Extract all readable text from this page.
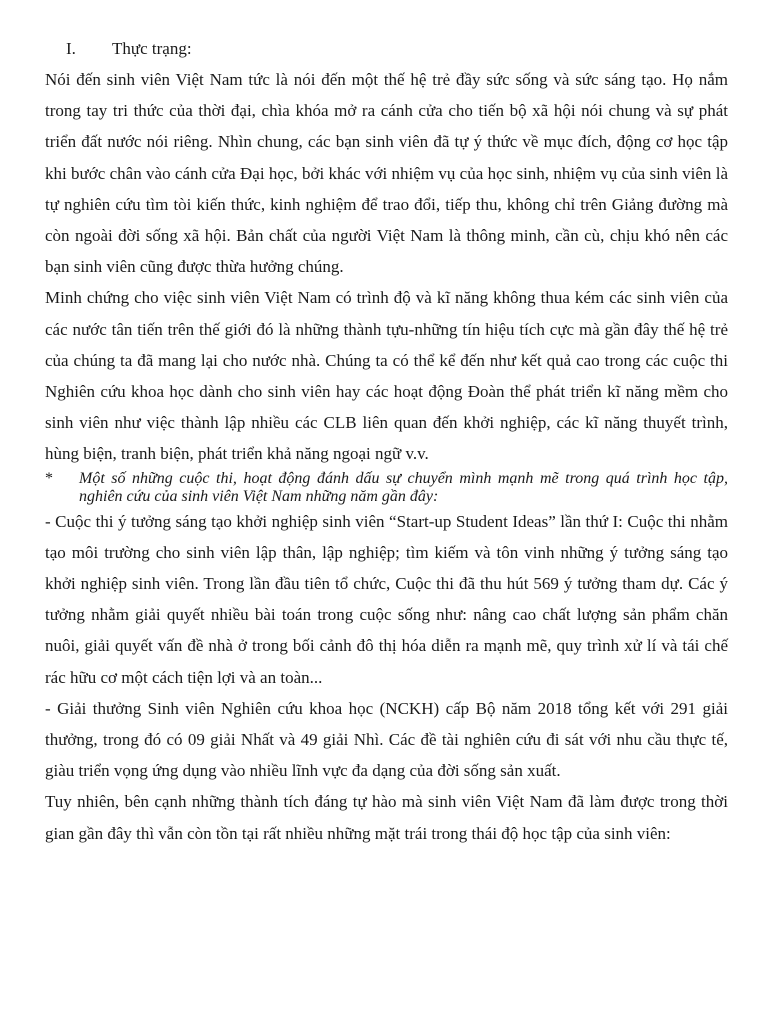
I.	Thực trạng:

Nói đến sinh viên Việt Nam tức là nói đến một thế hệ trẻ đầy sức sống và sức sáng tạo. Họ nắm trong tay tri thức của thời đại, chìa khóa mở ra cánh cửa cho tiến bộ xã hội nói chung và sự phát triển đất nước nói riêng. Nhìn chung, các bạn sinh viên đã tự ý thức về mục đích, động cơ học tập khi bước chân vào cánh cửa Đại học, bởi khác với nhiệm vụ của học sinh, nhiệm vụ của sinh viên là tự nghiên cứu tìm tòi kiến thức, kinh nghiệm để trao đổi, tiếp thu, không chỉ trên Giảng đường mà còn ngoài đời sống xã hội. Bản chất của người Việt Nam là thông minh, cần cù, chịu khó nên các bạn sinh viên cũng được thừa hưởng chúng.

Minh chứng cho việc sinh viên Việt Nam có trình độ và kĩ năng không thua kém các sinh viên của các nước tân tiến trên thế giới đó là những thành tựu-những tín hiệu tích cực mà gần đây thế hệ trẻ của chúng ta đã mang lại cho nước nhà. Chúng ta có thể kể đến như kết quả cao trong các cuộc thi Nghiên cứu khoa học dành cho sinh viên hay các hoạt động Đoàn thể phát triển kĩ năng mềm cho sinh viên như việc thành lập nhiều các CLB liên quan đến khởi nghiệp, các kĩ năng thuyết trình, hùng biện, tranh biện, phát triển khả năng ngoại ngữ v.v.

*	Một số những cuộc thi, hoạt động đánh dấu sự chuyển mình mạnh mẽ trong quá trình học tập, nghiên cứu của sinh viên Việt Nam những năm gần đây:

- Cuộc thi ý tưởng sáng tạo khởi nghiệp sinh viên “Start-up Student Ideas” lần thứ I: Cuộc thi nhằm tạo môi trường cho sinh viên lập thân, lập nghiệp; tìm kiếm và tôn vinh những ý tưởng sáng tạo khởi nghiệp sinh viên. Trong lần đầu tiên tổ chức, Cuộc thi đã thu hút 569 ý tưởng tham dự. Các ý tưởng nhằm giải quyết nhiều bài toán trong cuộc sống như: nâng cao chất lượng sản phẩm chăn nuôi, giải quyết vấn đề nhà ở trong bối cảnh đô thị hóa diễn ra mạnh mẽ, quy trình xử lí và tái chế rác hữu cơ một cách tiện lợi và an toàn...

- Giải thưởng Sinh viên Nghiên cứu khoa học (NCKH) cấp Bộ năm 2018 tổng kết với 291 giải thưởng, trong đó có 09 giải Nhất và 49 giải Nhì. Các đề tài nghiên cứu đi sát với nhu cầu thực tế, giàu triển vọng ứng dụng vào nhiều lĩnh vực đa dạng của đời sống sản xuất.

Tuy nhiên, bên cạnh những thành tích đáng tự hào mà sinh viên Việt Nam đã làm được trong thời gian gần đây thì vẫn còn tồn tại rất nhiều những mặt trái trong thái độ học tập của sinh viên:
